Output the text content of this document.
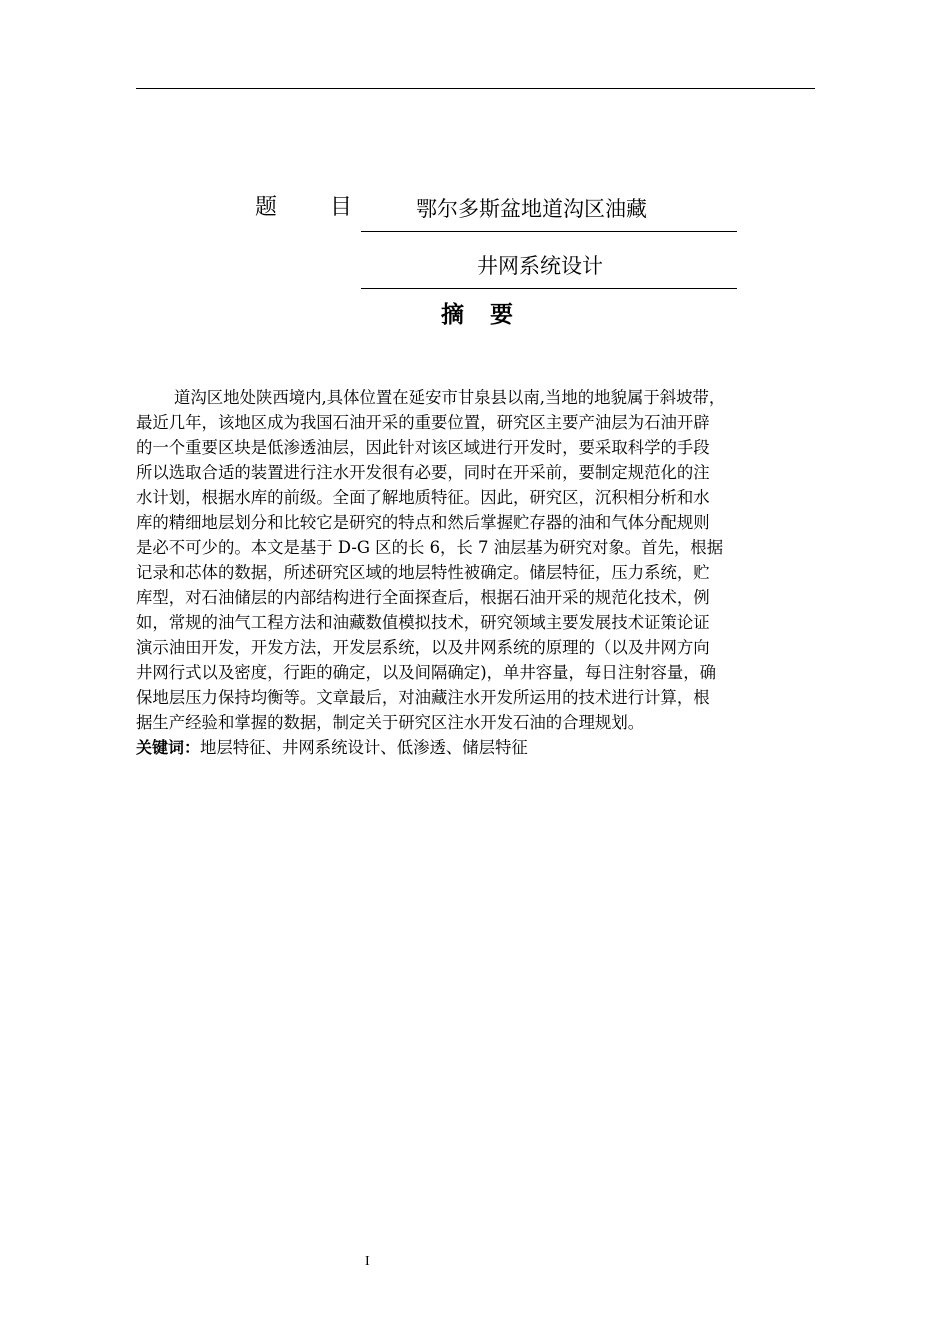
题 目	鄂尔多斯盆地道沟区油藏
井网系统设计
摘 要
道沟区地处陕西境内,具体位置在延安市甘泉县以南,当地的地貌属于斜坡带，
最近几年，该地区成为我国石油开采的重要位置，研究区主要产油层为石油开辟
的一个重要区块是低渗透油层，因此针对该区域进行开发时，要采取科学的手段
所以选取合适的装置进行注水开发很有必要，同时在开采前，要制定规范化的注
水计划，根据水库的前级。全面了解地质特征。因此，研究区，沉积相分析和水
库的精细地层划分和比较它是研究的特点和然后掌握贮存器的油和气体分配规则
是必不可少的。本文是基于 D-G 区的长 6，长 7 油层基为研究对象。首先，根据
记录和芯体的数据，所述研究区域的地层特性被确定。储层特征，压力系统，贮
库型，对石油储层的内部结构进行全面探查后，根据石油开采的规范化技术，例
如，常规的油气工程方法和油藏数值模拟技术，研究领域主要发展技术证策论证
演示油田开发，开发方法，开发层系统，以及井网系统的原理的（以及井网方向
井网行式以及密度，行距的确定，以及间隔确定)，单井容量，每日注射容量，确
保地层压力保持均衡等。文章最后，对油藏注水开发所运用的技术进行计算，根
据生产经验和掌握的数据，制定关于研究区注水开发石油的合理规划。
关键词：地层特征、井网系统设计、低渗透、储层特征
I
